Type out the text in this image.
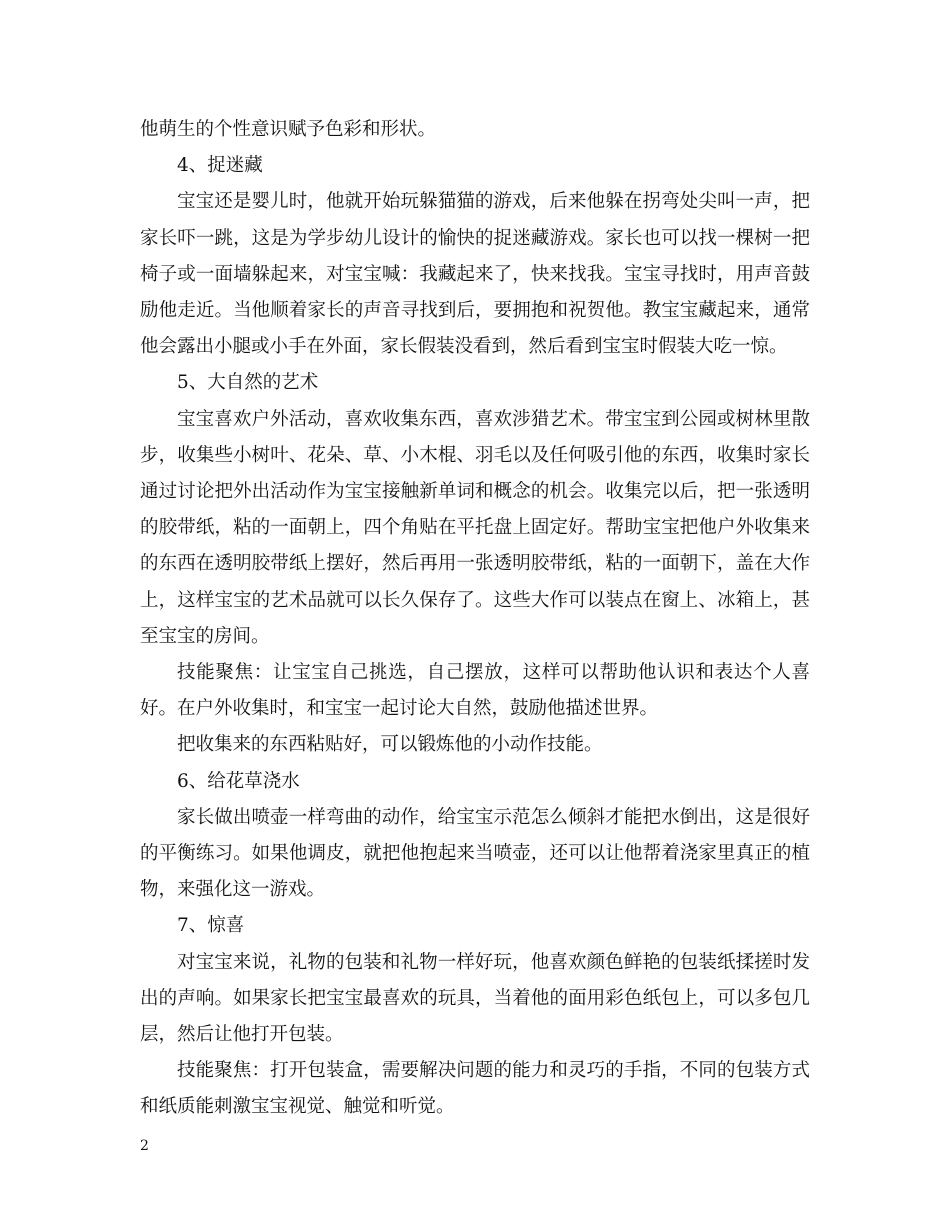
他萌生的个性意识赋予色彩和形状。

4、捉迷藏

宝宝还是婴儿时，他就开始玩躲猫猫的游戏，后来他躲在拐弯处尖叫一声，把家长吓一跳，这是为学步幼儿设计的愉快的捉迷藏游戏。家长也可以找一棵树一把椅子或一面墙躲起来，对宝宝喊：我藏起来了，快来找我。宝宝寻找时，用声音鼓励他走近。当他顺着家长的声音寻找到后，要拥抱和祝贺他。教宝宝藏起来，通常他会露出小腿或小手在外面，家长假装没看到，然后看到宝宝时假装大吃一惊。

5、大自然的艺术

宝宝喜欢户外活动，喜欢收集东西，喜欢涉猎艺术。带宝宝到公园或树林里散步，收集些小树叶、花朵、草、小木棍、羽毛以及任何吸引他的东西，收集时家长通过讨论把外出活动作为宝宝接触新单词和概念的机会。收集完以后，把一张透明的胶带纸，粘的一面朝上，四个角贴在平托盘上固定好。帮助宝宝把他户外收集来的东西在透明胶带纸上摆好，然后再用一张透明胶带纸，粘的一面朝下，盖在大作上，这样宝宝的艺术品就可以长久保存了。这些大作可以装点在窗上、冰箱上，甚至宝宝的房间。

技能聚焦：让宝宝自己挑选，自己摆放，这样可以帮助他认识和表达个人喜好。在户外收集时，和宝宝一起讨论大自然，鼓励他描述世界。

把收集来的东西粘贴好，可以锻炼他的小动作技能。

6、给花草浇水

家长做出喷壶一样弯曲的动作，给宝宝示范怎么倾斜才能把水倒出，这是很好的平衡练习。如果他调皮，就把他抱起来当喷壶，还可以让他帮着浇家里真正的植物，来强化这一游戏。

7、惊喜

对宝宝来说，礼物的包装和礼物一样好玩，他喜欢颜色鲜艳的包装纸揉搓时发出的声响。如果家长把宝宝最喜欢的玩具，当着他的面用彩色纸包上，可以多包几层，然后让他打开包装。

技能聚焦：打开包装盒，需要解决问题的能力和灵巧的手指，不同的包装方式和纸质能刺激宝宝视觉、触觉和听觉。

2
